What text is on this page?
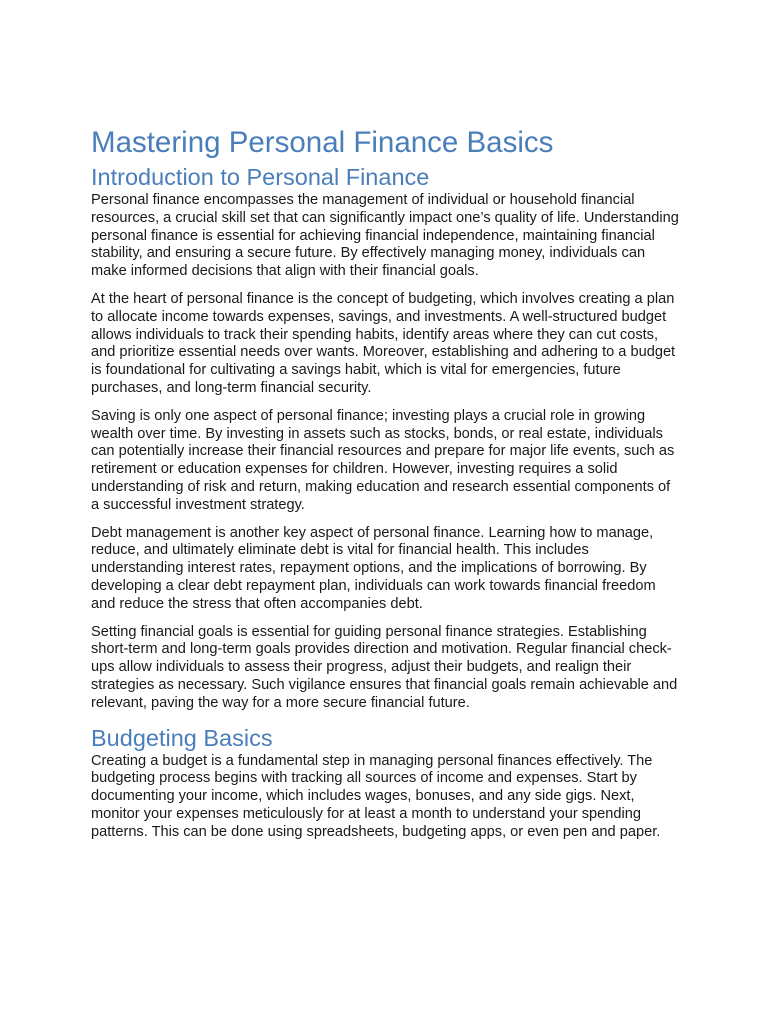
Mastering Personal Finance Basics
Introduction to Personal Finance

Personal finance encompasses the management of individual or household financial resources, a crucial skill set that can significantly impact one’s quality of life. Understanding personal finance is essential for achieving financial independence, maintaining financial stability, and ensuring a secure future. By effectively managing money, individuals can make informed decisions that align with their financial goals.

At the heart of personal finance is the concept of budgeting, which involves creating a plan to allocate income towards expenses, savings, and investments. A well-structured budget allows individuals to track their spending habits, identify areas where they can cut costs, and prioritize essential needs over wants. Moreover, establishing and adhering to a budget is foundational for cultivating a savings habit, which is vital for emergencies, future purchases, and long-term financial security.

Saving is only one aspect of personal finance; investing plays a crucial role in growing wealth over time. By investing in assets such as stocks, bonds, or real estate, individuals can potentially increase their financial resources and prepare for major life events, such as retirement or education expenses for children. However, investing requires a solid understanding of risk and return, making education and research essential components of a successful investment strategy.

Debt management is another key aspect of personal finance. Learning how to manage, reduce, and ultimately eliminate debt is vital for financial health. This includes understanding interest rates, repayment options, and the implications of borrowing. By developing a clear debt repayment plan, individuals can work towards financial freedom and reduce the stress that often accompanies debt.

Setting financial goals is essential for guiding personal finance strategies. Establishing short-term and long-term goals provides direction and motivation. Regular financial check-ups allow individuals to assess their progress, adjust their budgets, and realign their strategies as necessary. Such vigilance ensures that financial goals remain achievable and relevant, paving the way for a more secure financial future.

Budgeting Basics

Creating a budget is a fundamental step in managing personal finances effectively. The budgeting process begins with tracking all sources of income and expenses. Start by documenting your income, which includes wages, bonuses, and any side gigs. Next, monitor your expenses meticulously for at least a month to understand your spending patterns. This can be done using spreadsheets, budgeting apps, or even pen and paper.
